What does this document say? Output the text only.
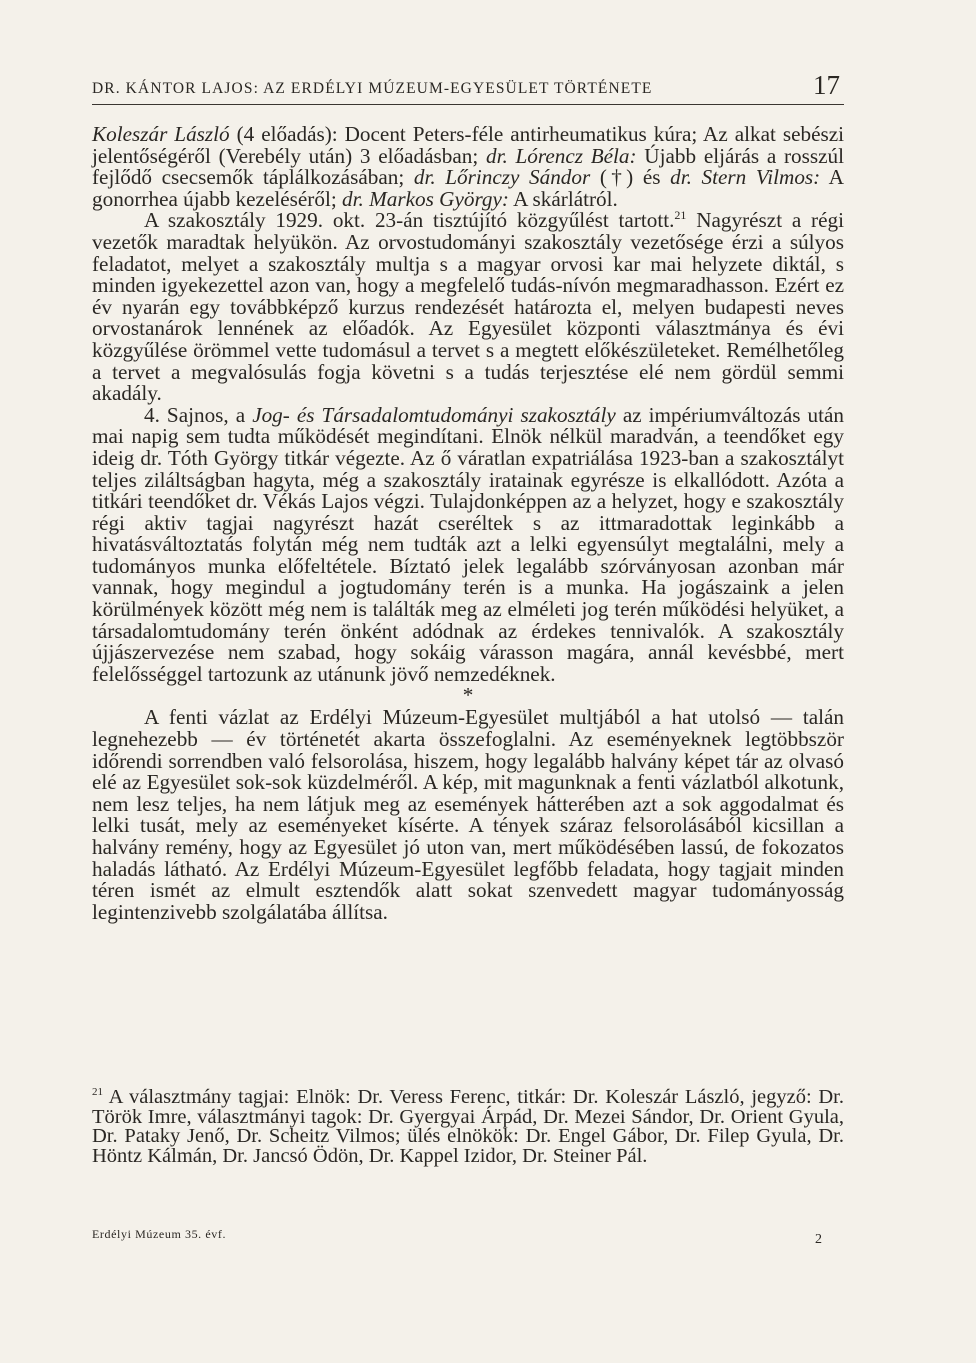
DR. KÁNTOR LAJOS: AZ ERDÉLYI MÚZEUM-EGYESÜLET TÖRTÉNETE	17

Koleszár László (4 előadás): Docent Peters-féle antirheumatikus kúra; Az alkat sebészi jelentőségéről (Verebély után) 3 előadásban; dr. Lórencz Béla: Újabb eljárás a rosszúl fejlődő csecsemők táplálkozásában; dr. Lőrinczy Sándor (†) és dr. Stern Vilmos: A gonorrhea újabb kezeléséről; dr. Markos György: A skárlátról.

A szakosztály 1929. okt. 23-án tisztújító közgyűlést tartott.$^{21}$ Nagyrészt a régi vezetők maradtak helyükön. Az orvostudományi szakosztály vezetősége érzi a súlyos feladatot, melyet a szakosztály multja s a magyar orvosi kar mai helyzete diktál, s minden igyekezettel azon van, hogy a megfelelő tudás-nívón megmaradhasson. Ezért ez év nyarán egy továbbképző kurzus rendezését határozta el, melyen budapesti neves orvostanárok lennének az előadók. Az Egyesület központi választmánya és évi közgyűlése örömmel vette tudomásul a tervet s a megtett előkészületeket. Remélhetőleg a tervet a megvalósulás fogja követni s a tudás terjesztése elé nem gördül semmi akadály.

4. Sajnos, a Jog- és Társadalomtudományi szakosztály az impériumváltozás után mai napig sem tudta működését megindítani. Elnök nélkül maradván, a teendőket egy ideig dr. Tóth György titkár végezte. Az ő váratlan expatriálása 1923-ban a szakosztályt teljes ziláltságban hagyta, még a szakosztály iratainak egyrésze is elkallódott. Azóta a titkári teendőket dr. Vékás Lajos végzi. Tulajdonképpen az a helyzet, hogy e szakosztály régi aktiv tagjai nagyrészt hazát cseréltek s az ittmaradottak leginkább a hivatásváltoztatás folytán még nem tudták azt a lelki egyensúlyt megtalálni, mely a tudományos munka előfeltétele. Bíztató jelek legalább szórványosan azonban már vannak, hogy megindul a jogtudomány terén is a munka. Ha jogászaink a jelen körülmények között még nem is találták meg az elméleti jog terén működési helyüket, a társadalomtudomány terén önként adódnak az érdekes tennivalók. A szakosztály újjászervezése nem szabad, hogy sokáig várasson magára, annál kevésbbé, mert felelősséggel tartozunk az utánunk jövő nemzedéknek.

*

A fenti vázlat az Erdélyi Múzeum-Egyesület multjából a hat utolsó — talán legnehezebb — év történetét akarta összefoglalni. Az eseményeknek legtöbbször időrendi sorrendben való felsorolása, hiszem, hogy legalább halvány képet tár az olvasó elé az Egyesület sok-sok küzdelméről. A kép, mit magunknak a fenti vázlatból alkotunk, nem lesz teljes, ha nem látjuk meg az események hátterében azt a sok aggodalmat és lelki tusát, mely az eseményeket kísérte. A tények száraz felsorolásából kicsillan a halvány remény, hogy az Egyesület jó uton van, mert működésében lassú, de fokozatos haladás látható. Az Erdélyi Múzeum-Egyesület legfőbb feladata, hogy tagjait minden téren ismét az elmult esztendők alatt sokat szenvedett magyar tudományosság legintenzivebb szolgálatába állítsa.

$^{21}$ A választmány tagjai: Elnök: Dr. Veress Ferenc, titkár: Dr. Koleszár László, jegyző: Dr. Török Imre, választmányi tagok: Dr. Gyergyai Árpád, Dr. Mezei Sándor, Dr. Orient Gyula, Dr. Pataky Jenő, Dr. Scheitz Vilmos; ülés elnökök: Dr. Engel Gábor, Dr. Filep Gyula, Dr. Höntz Kálmán, Dr. Jancsó Ödön, Dr. Kappel Izidor, Dr. Steiner Pál.
Erdélyi Múzeum 35. évf.	2
